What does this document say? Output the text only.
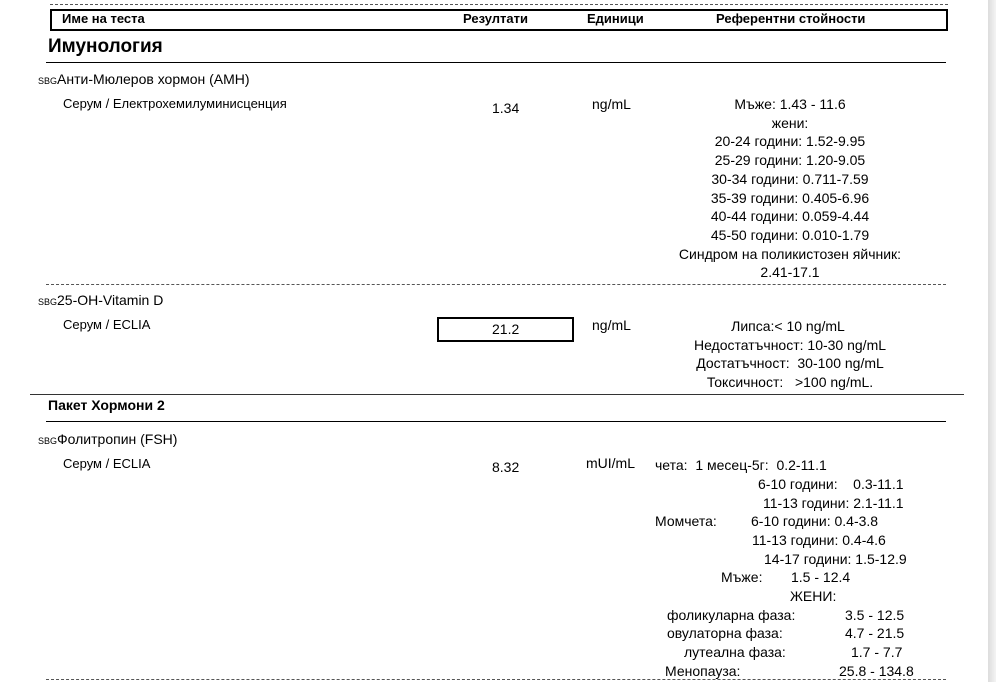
Име на теста	Резултати	Единици	Референтни стойности
Имунология
SBGАнти-Мюлеров хормон (АМН)
Серум / Електрохемилуминисценция	1.34	ng/mL	Мъже: 1.43 - 11.6
жени:
20-24 години: 1.52-9.95
25-29 години: 1.20-9.05
30-34 години: 0.711-7.59
35-39 години: 0.405-6.96
40-44 години: 0.059-4.44
45-50 години: 0.010-1.79
Синдром на поликистозен яйчник:
2.41-17.1
SBG25-OH-Vitamin D
Серум / ECLIA	21.2	ng/mL	Липса:< 10 ng/mL
Недостатъчност: 10-30 ng/mL
Достатъчност:  30-100 ng/mL
Токсичност:   >100 ng/mL.
Пакет Хормони 2
SBGФолитропин (FSH)
Серум / ECLIA	8.32	mUI/mL чета:  1 месец-5г:  0.2-11.1
6-10 години:    0.3-11.1
11-13 години: 2.1-11.1
Момчета: 6-10 години: 0.4-3.8
11-13 години: 0.4-4.6
14-17 години: 1.5-12.9
Мъже: 1.5 - 12.4
ЖЕНИ:
фоликуларна фаза:	3.5 - 12.5
овулаторна фаза:	4.7 - 21.5
лутеална фаза:	1.7 - 7.7
Менопауза:	25.8 - 134.8
